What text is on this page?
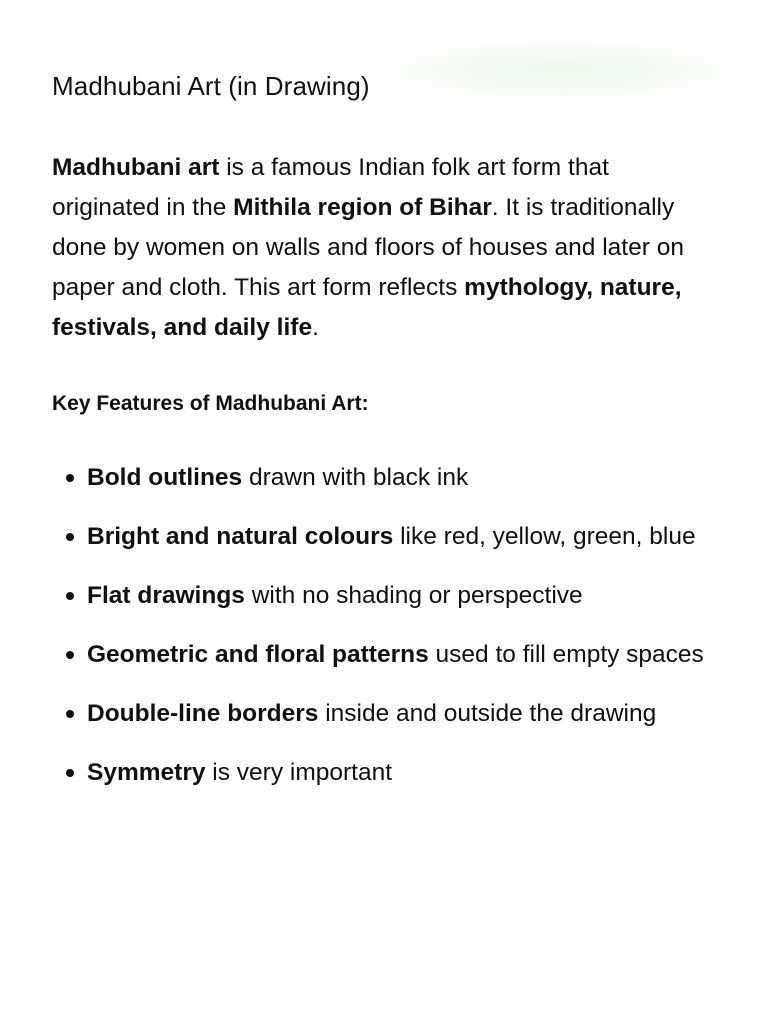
Madhubani Art (in Drawing)

Madhubani art is a famous Indian folk art form that originated in the Mithila region of Bihar. It is traditionally done by women on walls and floors of houses and later on paper and cloth. This art form reflects mythology, nature, festivals, and daily life.

Key Features of Madhubani Art:
Bold outlines drawn with black ink
Bright and natural colours like red, yellow, green, blue
Flat drawings with no shading or perspective
Geometric and floral patterns used to fill empty spaces
Double-line borders inside and outside the drawing
Symmetry is very important
